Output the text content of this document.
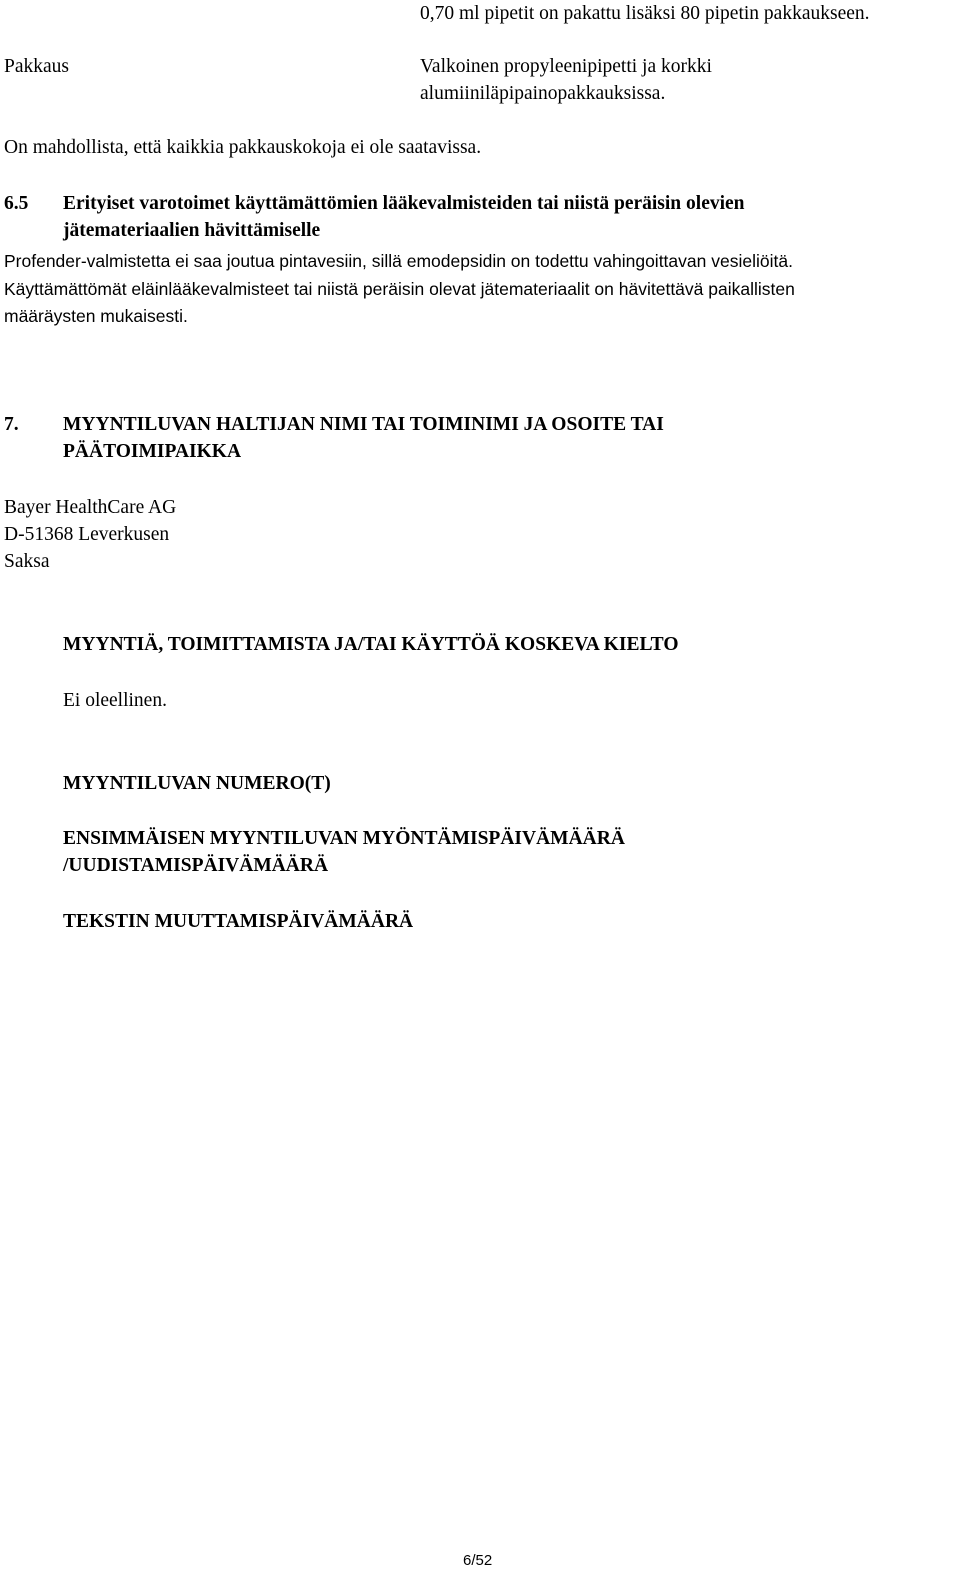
0,70 ml pipetit on pakattu lisäksi 80 pipetin pakkaukseen.
Pakkaus	Valkoinen propyleenipipetti ja korkki
alumiiniläpipainopakkauksissa.
On mahdollista, että kaikkia pakkauskokoja ei ole saatavissa.
6.5 Erityiset varotoimet käyttämättömien lääkevalmisteiden tai niistä peräisin olevien
jätemateriaalien hävittämiselle
Profender-valmistetta ei saa joutua pintavesiin, sillä emodepsidin on todettu vahingoittavan vesieliöitä.
Käyttämättömät eläinlääkevalmisteet tai niistä peräisin olevat jätemateriaalit on hävitettävä paikallisten
määräysten mukaisesti.
7. MYYNTILUVAN HALTIJAN NIMI TAI TOIMINIMI JA OSOITE TAI
PÄÄTOIMIPAIKKA
Bayer HealthCare AG
D-51368 Leverkusen
Saksa
MYYNTIÄ, TOIMITTAMISTA JA/TAI KÄYTTÖÄ KOSKEVA KIELTO
Ei oleellinen.
MYYNTILUVAN NUMERO(T)
ENSIMMÄISEN MYYNTILUVAN MYÖNTÄMISPÄIVÄMÄÄRÄ
/UUDISTAMISPÄIVÄMÄÄRÄ
TEKSTIN MUUTTAMISPÄIVÄMÄÄRÄ
6/52
